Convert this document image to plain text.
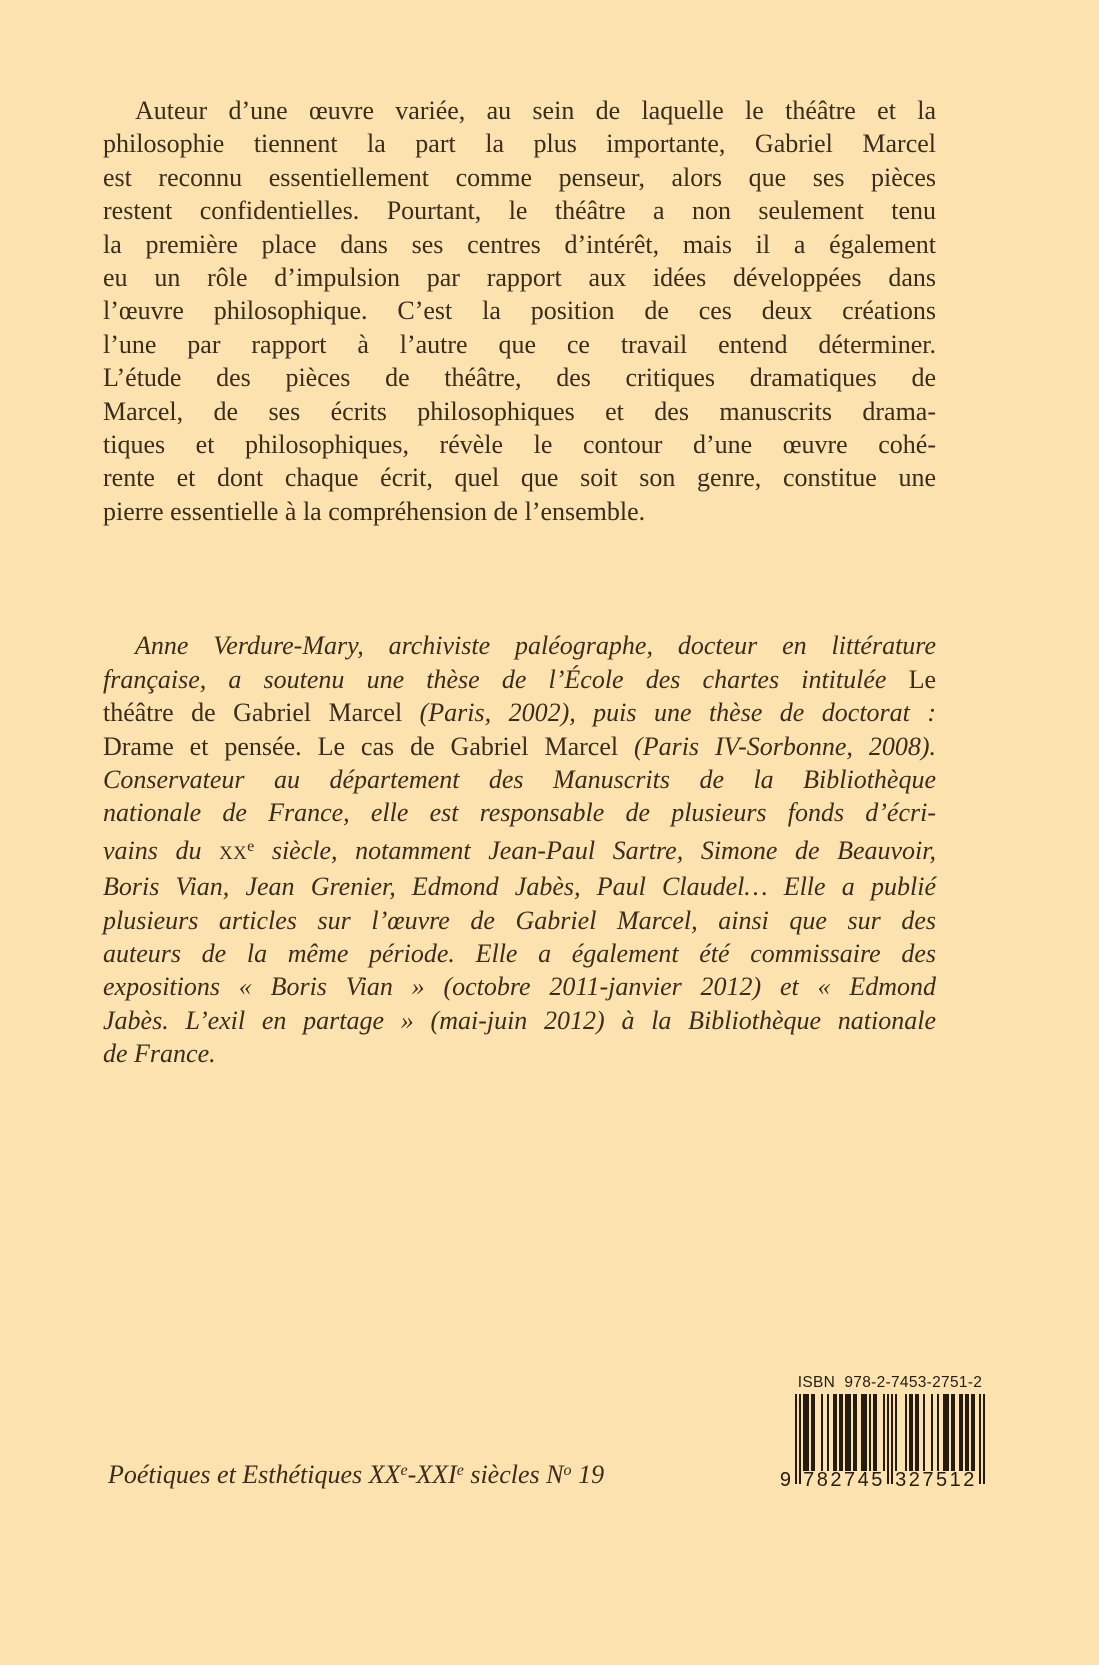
Auteur d’une œuvre variée, au sein de laquelle le théâtre et la
philosophie tiennent la part la plus importante, Gabriel Marcel
est reconnu essentiellement comme penseur, alors que ses pièces
restent confidentielles. Pourtant, le théâtre a non seulement tenu
la première place dans ses centres d’intérêt, mais il a également
eu un rôle d’impulsion par rapport aux idées développées dans
l’œuvre philosophique. C’est la position de ces deux créations
l’une par rapport à l’autre que ce travail entend déterminer.
L’étude des pièces de théâtre, des critiques dramatiques de
Marcel, de ses écrits philosophiques et des manuscrits drama-
tiques et philosophiques, révèle le contour d’une œuvre cohé-
rente et dont chaque écrit, quel que soit son genre, constitue une
pierre essentielle à la compréhension de l’ensemble.
Anne Verdure-Mary, archiviste paléographe, docteur en littérature
française, a soutenu une thèse de l’École des chartes intitulée Le
théâtre de Gabriel Marcel (Paris, 2002), puis une thèse de doctorat :
Drame et pensée. Le cas de Gabriel Marcel (Paris IV-Sorbonne, 2008).
Conservateur au département des Manuscrits de la Bibliothèque
nationale de France, elle est responsable de plusieurs fonds d’écri-
vains du XXe siècle, notamment Jean-Paul Sartre, Simone de Beauvoir,
Boris Vian, Jean Grenier, Edmond Jabès, Paul Claudel… Elle a publié
plusieurs articles sur l’œuvre de Gabriel Marcel, ainsi que sur des
auteurs de la même période. Elle a également été commissaire des
expositions « Boris Vian » (octobre 2011-janvier 2012) et « Edmond
Jabès. L’exil en partage » (mai-juin 2012) à la Bibliothèque nationale
de France.
Poétiques et Esthétiques XXe-XXIe siècles $N^o$ 19
ISBN  978-2-7453-2751-2
9 782745 327512
